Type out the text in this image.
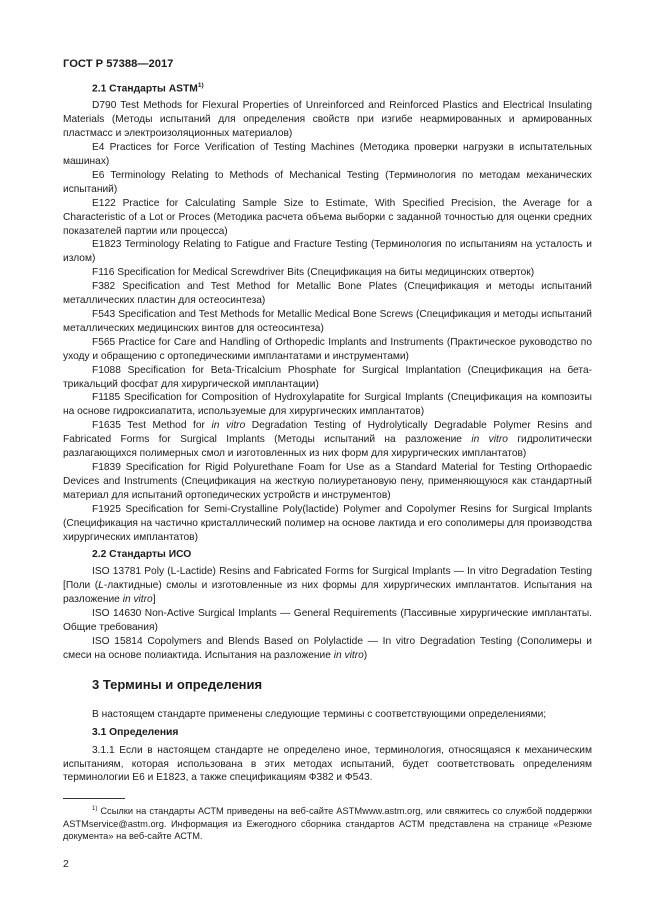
ГОСТ Р 57388—2017
2.1 Стандарты ASTM$^{1)}$

D790 Test Methods for Flexural Properties of Unreinforced and Reinforced Plastics and Electrical Insulating Materials (Методы испытаний для определения свойств при изгибе неармированных и армированных пластмасс и электроизоляционных материалов)

E4 Practices for Force Verification of Testing Machines (Методика проверки нагрузки в испытательных машинах)

E6 Terminology Relating to Methods of Mechanical Testing (Терминология по методам механических испытаний)

E122 Practice for Calculating Sample Size to Estimate, With Specified Precision, the Average for a Characteristic of a Lot or Proces (Методика расчета объема выборки с заданной точностью для оценки средних показателей партии или процесса)

E1823 Terminology Relating to Fatigue and Fracture Testing (Терминология по испытаниям на усталость и излом)

F116 Specification for Medical Screwdriver Bits (Спецификация на биты медицинских отверток)

F382 Specification and Test Method for Metallic Bone Plates (Спецификация и методы испытаний металлических пластин для остеосинтеза)

F543 Specification and Test Methods for Metallic Medical Bone Screws (Спецификация и методы испытаний металлических медицинских винтов для остеосинтеза)

F565 Practice for Care and Handling of Orthopedic Implants and Instruments (Практическое руководство по уходу и обращению с ортопедическими имплантатами и инструментами)

F1088 Specification for Beta-Tricalcium Phosphate for Surgical Implantation (Спецификация на бета-трикальций фосфат для хирургической имплантации)

F1185 Specification for Composition of Hydroxylapatite for Surgical Implants (Спецификация на композиты на основе гидроксиапатита, используемые для хирургических имплантатов)

F1635 Test Method for in vitro Degradation Testing of Hydrolytically Degradable Polymer Resins and Fabricated Forms for Surgical Implants (Методы испытаний на разложение in vitro гидролитически разлагающихся полимерных смол и изготовленных из них форм для хирургических имплантатов)

F1839 Specification for Rigid Polyurethane Foam for Use as a Standard Material for Testing Orthopaedic Devices and Instruments (Спецификация на жесткую полиуретановую пену, применяющуюся как стандартный материал для испытаний ортопедических устройств и инструментов)

F1925 Specification for Semi-Crystalline Poly(lactide) Polymer and Copolymer Resins for Surgical Implants (Спецификация на частично кристаллический полимер на основе лактида и его сополимеры для производства хирургических имплантатов)

2.2 Стандарты ИСО

ISO 13781 Poly (L-Lactide) Resins and Fabricated Forms for Surgical Implants — In vitro Degradation Testing [Поли (L-лактидные) смолы и изготовленные из них формы для хирургических имплантатов. Испытания на разложение in vitro]

ISO 14630 Non-Active Surgical Implants — General Requirements (Пассивные хирургические имплантаты. Общие требования)

ISO 15814 Copolymers and Blends Based on Polylactide — In vitro Degradation Testing (Сополимеры и смеси на основе полиактида. Испытания на разложение in vitro)

3 Термины и определения

В настоящем стандарте применены следующие термины с соответствующими определениями;

3.1 Определения

3.1.1 Если в настоящем стандарте не определено иное, терминология, относящаяся к механическим испытаниям, которая использована в этих методах испытаний, будет соответствовать определениям терминологии Е6 и Е1823, а также спецификациям Ф382 и Ф543.

$^{1)}$ Ссылки на стандарты АСТМ приведены на веб-сайте ASTMwww.astm.org, или свяжитесь со службой поддержки ASTMservice@astm.org. Информация из Ежегодного сборника стандартов АСТМ представлена на странице «Резюме документа» на веб-сайте АСТМ.

2
